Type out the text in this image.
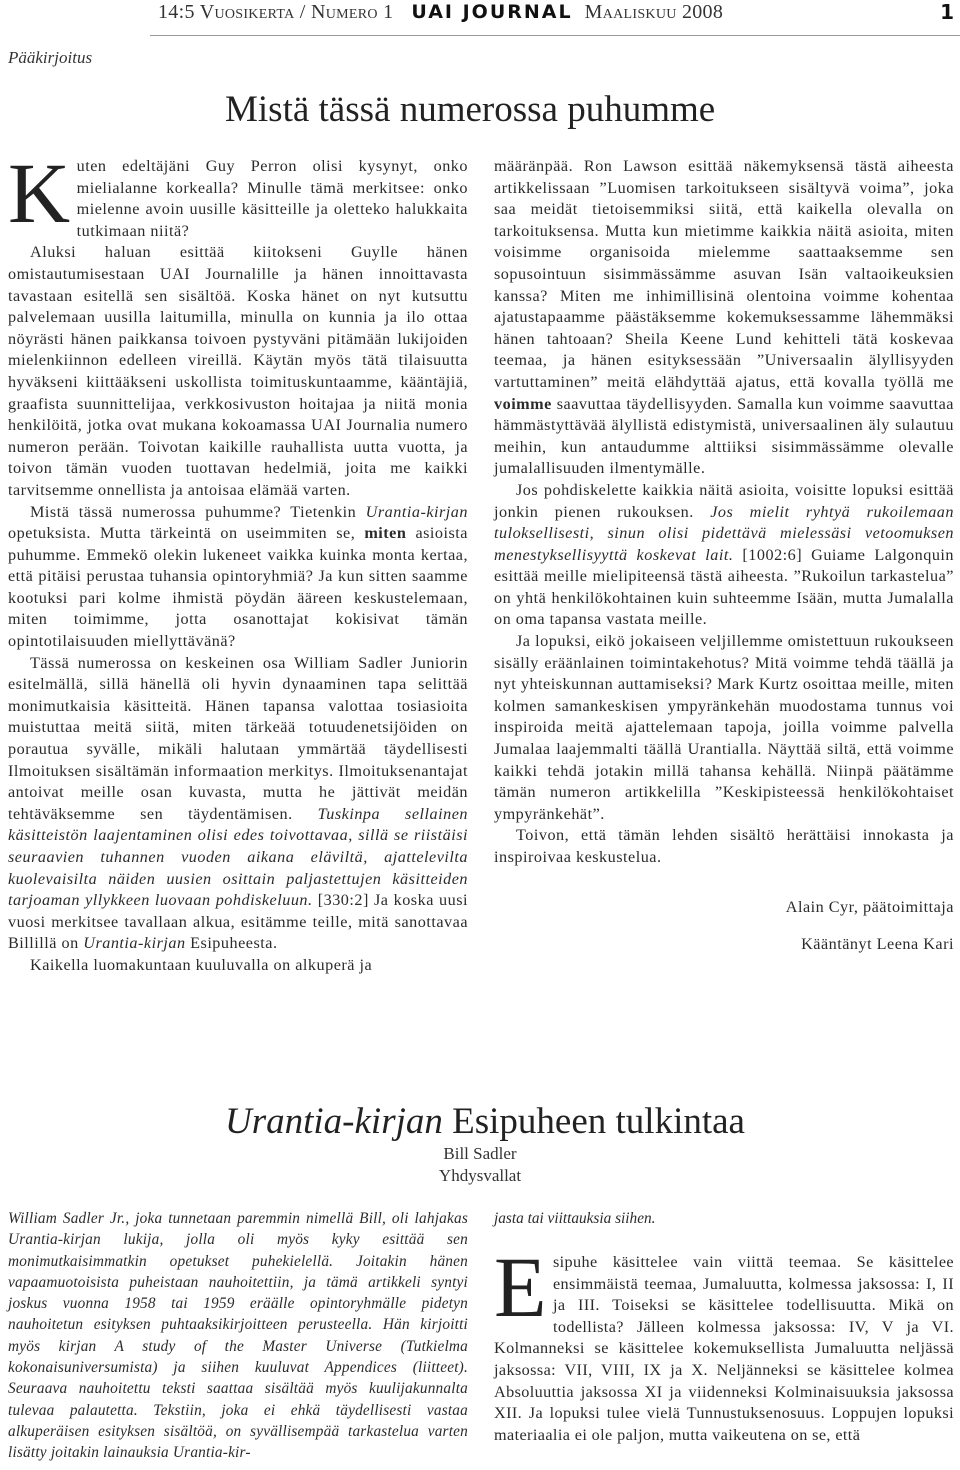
14:5 Vuosikerta / Numero 1 UAI JOURNAL Maaliskuu 2008	1
Pääkirjoitus
Mistä tässä numerossa puhumme

Kuten edeltäjäni Guy Perron olisi kysynyt, onko mielialanne korkealla? Minulle tämä merkitsee: onko mielenne avoin uusille käsitteille ja oletteko halukkaita tutkimaan niitä?

Aluksi haluan esittää kiitokseni Guylle hänen omistautumisestaan UAI Journalille ja hänen innoittavasta tavastaan esitellä sen sisältöä. Koska hänet on nyt kutsuttu palvelemaan uusilla laitumilla, minulla on kunnia ja ilo ottaa nöyrästi hänen paikkansa toivoen pystyväni pitämään lukijoiden mielenkiinnon edelleen vireillä. Käytän myös tätä tilaisuutta hyväkseni kiittääkseni uskollista toimituskuntaamme, kääntäjiä, graafista suunnittelijaa, verkkosivuston hoitajaa ja niitä monia henkilöitä, jotka ovat mukana kokoamassa UAI Journalia numero numeron perään. Toivotan kaikille rauhallista uutta vuotta, ja toivon tämän vuoden tuottavan hedelmiä, joita me kaikki tarvitsemme onnellista ja antoisaa elämää varten.

Mistä tässä numerossa puhumme? Tietenkin Urantia-kirjan opetuksista. Mutta tärkeintä on useimmiten se, miten asioista puhumme. Emmekö olekin lukeneet vaikka kuinka monta kertaa, että pitäisi perustaa tuhansia opintoryhmiä? Ja kun sitten saamme kootuksi pari kolme ihmistä pöydän ääreen keskustelemaan, miten toimimme, jotta osanottajat kokisivat tämän opintotilaisuuden miellyttävänä?

Tässä numerossa on keskeinen osa William Sadler Juniorin esitelmällä, sillä hänellä oli hyvin dynaaminen tapa selittää monimutkaisia käsitteitä. Hänen tapansa valottaa tosiasioita muistuttaa meitä siitä, miten tärkeää totuudenetsijöiden on porautua syvälle, mikäli halutaan ymmärtää täydellisesti Ilmoituksen sisältämän informaation merkitys. Ilmoituksenantajat antoivat meille osan kuvasta, mutta he jättivät meidän tehtäväksemme sen täydentämisen. Tuskinpa sellainen käsitteistön laajentaminen olisi edes toivottavaa, sillä se riistäisi seuraavien tuhannen vuoden aikana eläviltä, ajattelevilta kuolevaisilta näiden uusien osittain paljastettujen käsitteiden tarjoaman yllykkeen luovaan pohdiskeluun. [330:2] Ja koska uusi vuosi merkitsee tavallaan alkua, esitämme teille, mitä sanottavaa Billillä on Urantia-kirjan Esipuheesta.

Kaikella luomakuntaan kuuluvalla on alkuperä ja

määränpää. Ron Lawson esittää näkemyksensä tästä aiheesta artikkelissaan ”Luomisen tarkoitukseen sisältyvä voima”, joka saa meidät tietoisemmiksi siitä, että kaikella olevalla on tarkoituksensa. Mutta kun mietimme kaikkia näitä asioita, miten voisimme organisoida mielemme saattaaksemme sen sopusointuun sisimmässämme asuvan Isän valtaoikeuksien kanssa? Miten me inhimillisinä olentoina voimme kohentaa ajatustapaamme päästäksemme kokemuksessamme lähemmäksi hänen tahtoaan? Sheila Keene Lund kehitteli tätä koskevaa teemaa, ja hänen esityksessään ”Universaalin älyllisyyden vartuttaminen” meitä elähdyttää ajatus, että kovalla työllä me voimme saavuttaa täydellisyyden. Samalla kun voimme saavuttaa hämmästyttävää älyllistä edistymistä, universaalinen äly sulautuu meihin, kun antaudumme alttiiksi sisimmässämme olevalle jumalallisuuden ilmentymälle.

Jos pohdiskelette kaikkia näitä asioita, voisitte lopuksi esittää jonkin pienen rukouksen. Jos mielit ryhtyä rukoilemaan tuloksellisesti, sinun olisi pidettävä mielessäsi vetoomuksen menestyksellisyyttä koskevat lait. [1002:6] Guiame Lalgonquin esittää meille mielipiteensä tästä aiheesta. ”Rukoilun tarkastelua” on yhtä henkilökohtainen kuin suhteemme Isään, mutta Jumalalla on oma tapansa vastata meille.

Ja lopuksi, eikö jokaiseen veljillemme omistettuun rukoukseen sisälly eräänlainen toimintakehotus? Mitä voimme tehdä täällä ja nyt yhteiskunnan auttamiseksi? Mark Kurtz osoittaa meille, miten kolmen samankeskisen ympyränkehän muodostama tunnus voi inspiroida meitä ajattelemaan tapoja, joilla voimme palvella Jumalaa laajemmalti täällä Urantialla. Näyttää siltä, että voimme kaikki tehdä jotakin millä tahansa kehällä. Niinpä päätämme tämän numeron artikkelilla ”Keskipisteessä henkilökohtaiset ympyränkehät”.

Toivon, että tämän lehden sisältö herättäisi innokasta ja inspiroivaa keskustelua.

Alain Cyr, päätoimittaja

Kääntänyt Leena Kari

Urantia-kirjan Esipuheen tulkintaa
Bill Sadler
Yhdysvallat
William Sadler Jr., joka tunnetaan paremmin nimellä Bill, oli lahjakas Urantia-kirjan lukija, jolla oli myös kyky esittää sen monimutkaisimmatkin opetukset puhekielellä. Joitakin hänen vapaamuotoisista puheistaan nauhoitettiin, ja tämä artikkeli syntyi joskus vuonna 1958 tai 1959 eräälle opintoryhmälle pidetyn nauhoitetun esityksen puhtaaksikirjoitteen perusteella. Hän kirjoitti myös kirjan A study of the Master Universe (Tutkielma kokonaisuniversumista) ja siihen kuuluvat Appendices (liitteet). Seuraava nauhoitettu teksti saattaa sisältää myös kuulijakunnalta tulevaa palautetta. Tekstiin, joka ei ehkä täydellisesti vastaa alkuperäisen esityksen sisältöä, on syvällisempää tarkastelua varten lisätty joitakin lainauksia Urantia-kir-
jasta tai viittauksia siihen.
Esipuhe käsittelee vain viittä teemaa. Se käsittelee ensimmäistä teemaa, Jumaluutta, kolmessa jaksossa: I, II ja III. Toiseksi se käsittelee todellisuutta. Mikä on todellista? Jälleen kolmessa jaksossa: IV, V ja VI. Kolmanneksi se käsittelee kokemuksellista Jumaluutta neljässä jaksossa: VII, VIII, IX ja X. Neljänneksi se käsittelee kolmea Absoluuttia jaksossa XI ja viidenneksi Kolminaisuuksia jaksossa XII. Ja lopuksi tulee vielä Tunnustuksenosuus. Loppujen lopuksi materiaalia ei ole paljon, mutta vaikeutena on se, että
